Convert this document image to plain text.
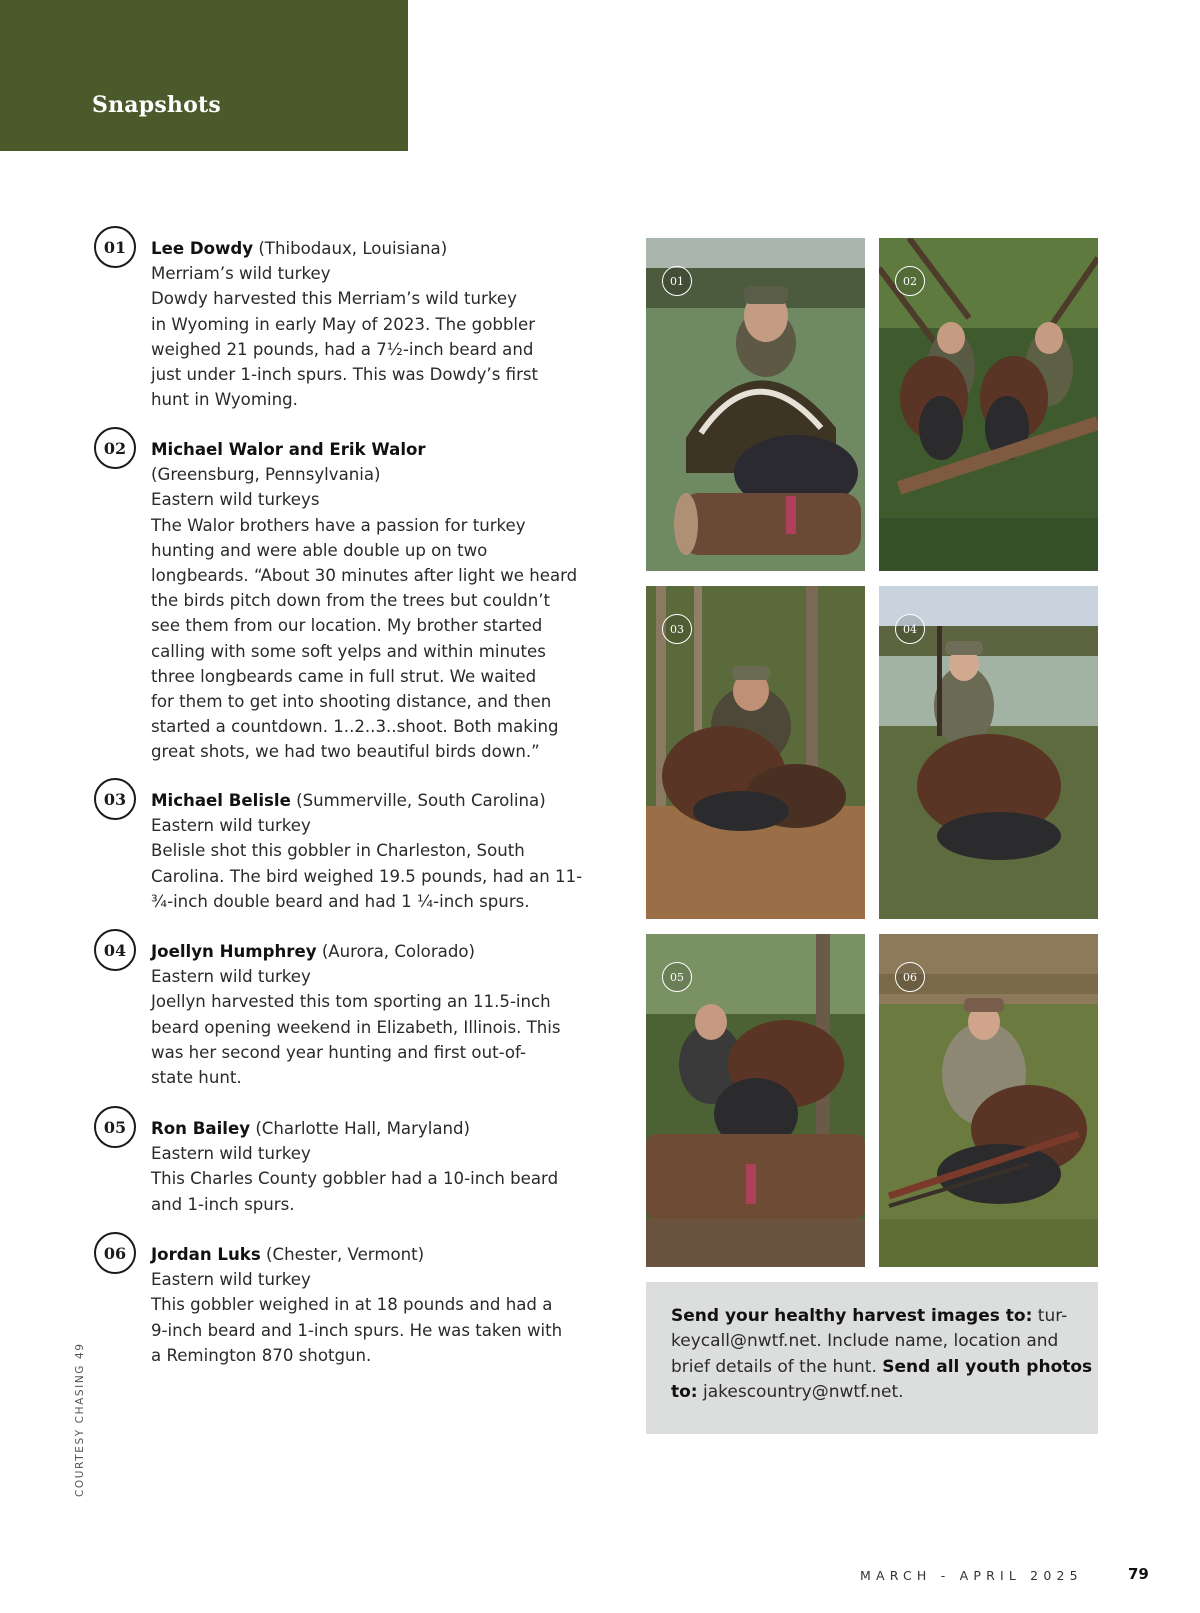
Snapshots
01	Lee Dowdy (Thibodaux, Louisiana)
Merriam’s wild turkey
Dowdy harvested this Merriam’s wild turkey
in Wyoming in early May of 2023. The gobbler
weighed 21 pounds, had a 7½-inch beard and
just under 1-inch spurs. This was Dowdy’s first
hunt in Wyoming.
02	Michael Walor and Erik Walor
(Greensburg, Pennsylvania)
Eastern wild turkeys
The Walor brothers have a passion for turkey
hunting and were able double up on two
longbeards. “About 30 minutes after light we heard
the birds pitch down from the trees but couldn’t
see them from our location. My brother started
calling with some soft yelps and within minutes
three longbeards came in full strut. We waited
for them to get into shooting distance, and then
started a countdown. 1..2..3..shoot. Both making
great shots, we had two beautiful birds down.”
03	Michael Belisle (Summerville, South Carolina)
Eastern wild turkey
Belisle shot this gobbler in Charleston, South
Carolina. The bird weighed 19.5 pounds, had an 11-
¾-inch double beard and had 1 ¼-inch spurs.
04	Joellyn Humphrey (Aurora, Colorado)
Eastern wild turkey
Joellyn harvested this tom sporting an 11.5-inch
beard opening weekend in Elizabeth, Illinois. This
was her second year hunting and first out-of-
state hunt.
05	Ron Bailey (Charlotte Hall, Maryland)
Eastern wild turkey
This Charles County gobbler had a 10-inch beard
and 1-inch spurs.
06	Jordan Luks (Chester, Vermont)
Eastern wild turkey
This gobbler weighed in at 18 pounds and had a
9-inch beard and 1-inch spurs. He was taken with
a Remington 870 shotgun.
01	02
03	04
05	06
Send your healthy harvest images to: tur-
keycall@nwtf.net. Include name, location and
brief details of the hunt. Send all youth photos
to: jakescountry@nwtf.net.
COURTESY CHASING 49
MARCH - APRIL 2025	79
